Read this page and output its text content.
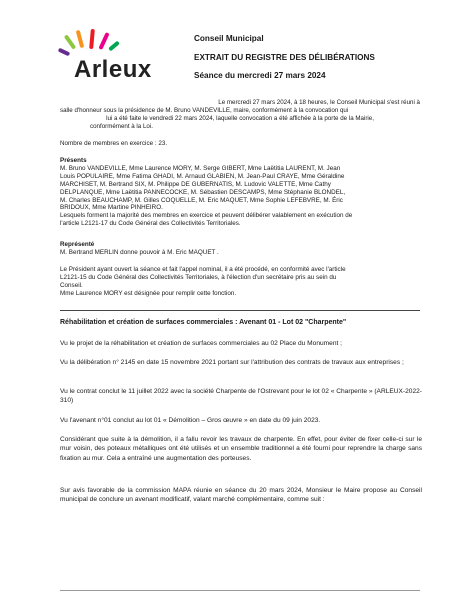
Arleux
Conseil Municipal
EXTRAIT DU REGISTRE DES DÉLIBÉRATIONS
Séance du mercredi 27 mars 2024
Le mercredi 27 mars 2024, à 18 heures, le Conseil Municipal s'est réuni à
salle d'honneur sous la présidence de M. Bruno VANDEVILLE, maire, conformément à la convocation qui
lui a été faite le vendredi 22 mars 2024, laquelle convocation a été affichée à la porte de la Mairie,
conformément à la Loi.
Nombre de membres en exercice : 23.
Présents
M. Bruno VANDEVILLE, Mme Laurence MORY, M. Serge GIBERT, Mme Laëtitia LAURENT, M. Jean
Louis POPULAIRE, Mme Fatima GHADI, M. Arnaud GLABIEN, M. Jean-Paul CRAYE, Mme Géraldine
MARCHISET, M. Bertrand SIX, M. Philippe DE GUBERNATIS, M. Ludovic VALETTE, Mme Cathy
DELPLANQUE, Mme Laëtitia PANNECOCKE, M. Sébastien DESCAMPS, Mme Stéphanie BLONDEL,
M. Charles BEAUCHAMP, M. Gilles COQUELLE, M. Eric MAQUET, Mme Sophie LEFEBVRE, M. Éric
BRIDOUX, Mme Martine PINHEIRO.
Lesquels forment la majorité des membres en exercice et peuvent délibérer valablement en exécution de
l'article L2121-17 du Code Général des Collectivités Territoriales.
Représenté
M. Bertrand MERLIN donne pouvoir à M. Eric MAQUET .
Le Président ayant ouvert la séance et fait l'appel nominal, il a été procédé, en conformité avec l'article
L2121-15 du Code Général des Collectivités Territoriales, à l'élection d'un secrétaire pris au sein du
Conseil.
Mme Laurence MORY est désignée pour remplir cette fonction.
Réhabilitation et création de surfaces commerciales : Avenant 01 - Lot 02 "Charpente"
Vu le projet de la réhabilitation et création de surfaces commerciales au 02 Place du Monument ;
Vu la délibération n° 2145 en date 15 novembre 2021 portant sur l'attribution des contrats de travaux aux entreprises ;
Vu le contrat conclut le 11 juillet 2022 avec la société Charpente de l'Ostrevant pour le lot 02 « Charpente » (ARLEUX-2022-310)
Vu l'avenant n°01 conclut au lot 01 « Démolition – Gros œuvre » en date du 09 juin 2023.
Considérant que suite à la démolition, il a fallu revoir les travaux de charpente. En effet, pour éviter de fixer celle-ci sur le mur voisin, des poteaux métalliques ont été utilisés et un ensemble traditionnel a été fourni pour reprendre la charge sans fixation au mur. Cela a entraîné une augmentation des porteuses.
Sur avis favorable de la commission MAPA réunie en séance du 20 mars 2024, Monsieur le Maire propose au Conseil municipal de conclure un avenant modificatif, valant marché complémentaire, comme suit :
